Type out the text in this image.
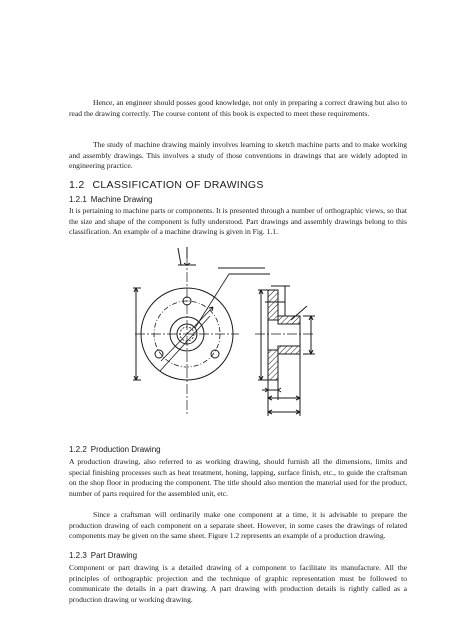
Hence, an engineer should posses good knowledge, not only in preparing a correct drawing but also to read the drawing correctly. The course content of this book is expected to meet these requirements.

The study of machine drawing mainly involves learning to sketch machine parts and to make working and assembly drawings. This involves a study of those conventions in drawings that are widely adopted in engineering practice.

1.2 CLASSIFICATION OF DRAWINGS
1.2.1 Machine Drawing

It is pertaining to machine parts or components. It is presented through a number of orthographic views, so that the size and shape of the component is fully understood. Part drawings and assembly drawings belong to this classification. An example of a machine drawing is given in Fig. 1.1.

1.2.2 Production Drawing

A production drawing, also referred to as working drawing, should furnish all the dimensions, limits and special finishing processes such as heat treatment, honing, lapping, surface finish, etc., to guide the craftsman on the shop floor in producing the component. The title should also mention the material used for the product, number of parts required for the assembled unit, etc.

Since a craftsman will ordinarily make one component at a time, it is advisable to prepare the production drawing of each component on a separate sheet. However, in some cases the drawings of related components may be given on the same sheet. Figure 1.2 represents an example of a production drawing.

1.2.3 Part Drawing

Component or part drawing is a detailed drawing of a component to facilitate its manufacture. All the principles of orthographic projection and the technique of graphic representation must be followed to communicate the details in a part drawing. A part drawing with production details is rightly called as a production drawing or working drawing.
